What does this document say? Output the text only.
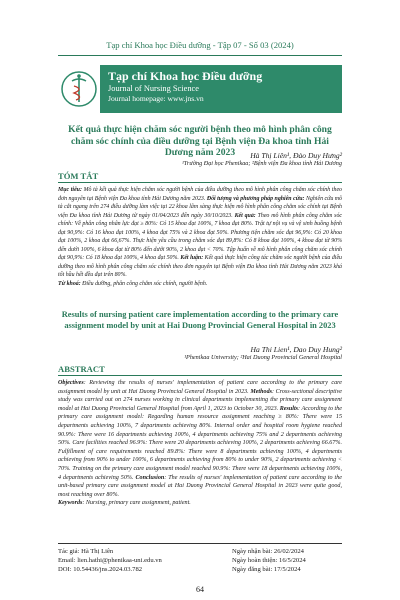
Tạp chí Khoa học Điều dưỡng - Tập 07 - Số 03 (2024)
Tạp chí Khoa học Điều dưỡng
Journal of Nursing Science
Journal homepage: www.jns.vn
Kết quả thực hiện chăm sóc người bệnh theo mô hình phân công chăm sóc chính của điều dưỡng tại Bệnh viện Đa khoa tỉnh Hải Dương năm 2023	Hà Thị Liên¹, Đào Duy Hưng²
¹Trường Đại học Phenikaa; ²Bệnh viện Đa khoa tỉnh Hải Dương
TÓM TẮT

Mục tiêu: Mô tả kết quả thực hiện chăm sóc người bệnh của điều dưỡng theo mô hình phân công chăm sóc chính theo đơn nguyên tại Bệnh viện Đa khoa tỉnh Hải Dương năm 2023. Đối tượng và phương pháp nghiên cứu: Nghiên cứu mô tả cắt ngang trên 274 điều dưỡng làm việc tại 22 khoa lâm sàng thực hiện mô hình phân công chăm sóc chính tại Bệnh viện Đa khoa tỉnh Hải Dương từ ngày 01/04/2023 đến ngày 30/10/2023. Kết quả: Theo mô hình phân công chăm sóc chính: Về phân công nhân lực đạt ≥ 80%: Có 15 khoa đạt 100%, 7 khoa đạt 80%. Trật tự nội vụ và vệ sinh buồng bệnh đạt 90,9%: Có 16 khoa đạt 100%, 4 khoa đạt 75% và 2 khoa đạt 50%. Phương tiện chăm sóc đạt 96,9%: Có 20 khoa đạt 100%, 2 khoa đạt 66,67%. Thực hiện yêu cầu trong chăm sóc đạt 89,8%: Có 8 khoa đạt 100%, 4 khoa đạt từ 90% đến dưới 100%, 6 khoa đạt từ 80% đến dưới 90%, 2 khoa đạt < 70%. Tập huấn về mô hình phân công chăm sóc chính đạt 90,9%: Có 18 khoa đạt 100%, 4 khoa đạt 50%. Kết luận: Kết quả thực hiện công tác chăm sóc người bệnh của điều dưỡng theo mô hình phân công chăm sóc chính theo đơn nguyên tại Bệnh viện Đa khoa tỉnh Hải Dương năm 2023 khá tốt hầu hết đều đạt trên 80%.

Từ khoá: Điều dưỡng, phân công chăm sóc chính, người bệnh.

Results of nursing patient care implementation according to the primary care assignment model by unit at Hai Duong Provincial General Hospital in 2023
Ha Thi Lien¹, Dao Duy Hung²
¹Phenikaa University; ²Hai Duong Provincial General Hospital
ABSTRACT

Objectives: Reviewing the results of nurses' implementation of patient care according to the primary care assignment model by unit at Hai Duong Provincial General Hospital in 2023. Methods: Cross-sectional descriptive study was carried out on 274 nurses working in clinical departments implementing the primary care assignment model at Hai Duong Provincial General Hospital from April 1, 2023 to October 30, 2023. Results: According to the primary care assignment model: Regarding human resource assignment reaching ≥ 80%: There were 15 departments achieving 100%, 7 departments achieving 80%. Internal order and hospital room hygiene reached 90.9%: There were 16 departments achieving 100%, 4 departments achieving 75% and 2 departments achieving 50%. Care facilities reached 96.9%: There were 20 departments achieving 100%, 2 departments achieving 66.67%. Fulfillment of care requirements reached 89.8%: There were 8 departments achieving 100%, 4 departments achieving from 90% to under 100%, 6 departments achieving from 80% to under 90%, 2 departments achieving < 70%. Training on the primary care assignment model reached 90.9%: There were 18 departments achieving 100%, 4 departments achieving 50%. Conclusion: The results of nurses' implementation of patient care according to the unit-based primary care assignment model at Hai Duong Provincial General Hospital in 2023 were quite good, most reaching over 80%.

Keywords: Nursing, primary care assignment, patient.

Tác giả: Hà Thị Liên
Email: lien.hathi@phenikaa-uni.edu.vn
DOI: 10.54436/jns.2024.03.782
Ngày nhận bài: 26/02/2024
Ngày hoàn thiện: 16/5/2024
Ngày đăng bài: 17/5/2024
64
